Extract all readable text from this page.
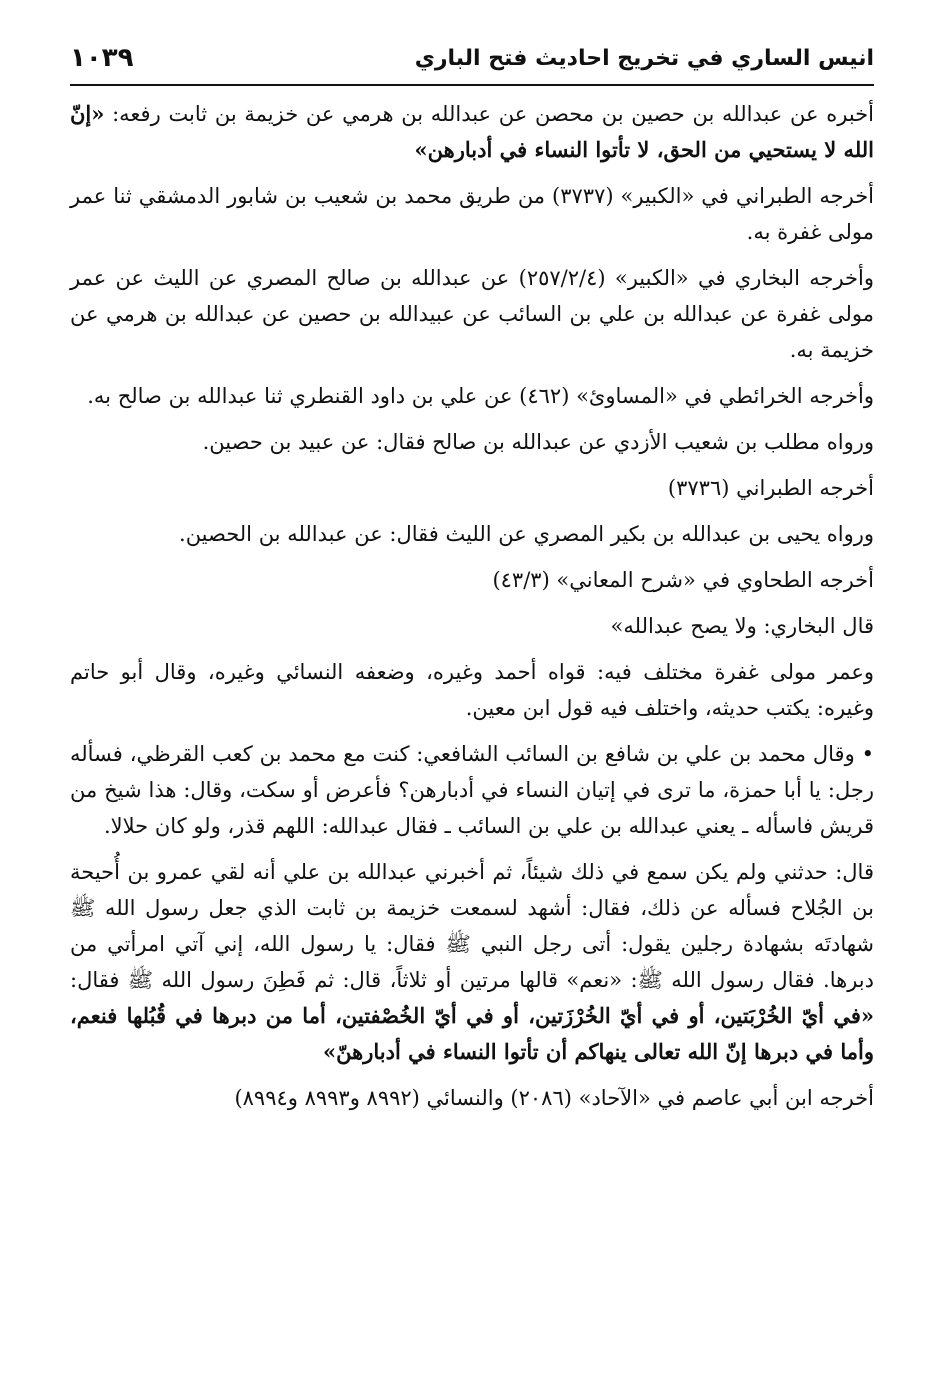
انيس الساري في تخريج احاديث فتح الباري
١٠٣٩

أخبره عن عبدالله بن حصين بن محصن عن عبدالله بن هرمي عن خزيمة بن ثابت رفعه: «إنّ الله لا يستحيي من الحق، لا تأتوا النساء في أدبارهن»

أخرجه الطبراني في «الكبير» (٣٧٣٧) من طريق محمد بن شعيب بن شابور الدمشقي ثنا عمر مولى غفرة به.

وأخرجه البخاري في «الكبير» (٢٥٧/٢/٤) عن عبدالله بن صالح المصري عن الليث عن عمر مولى غفرة عن عبدالله بن علي بن السائب عن عبيدالله بن حصين عن عبدالله بن هرمي عن خزيمة به.

وأخرجه الخرائطي في «المساوئ» (٤٦٢) عن علي بن داود القنطري ثنا عبدالله بن صالح به.

ورواه مطلب بن شعيب الأزدي عن عبدالله بن صالح فقال: عن عبيد بن حصين.

أخرجه الطبراني (٣٧٣٦)

ورواه يحيى بن عبدالله بن بكير المصري عن الليث فقال: عن عبدالله بن الحصين.

أخرجه الطحاوي في «شرح المعاني» (٤٣/٣)

قال البخاري: ولا يصح عبدالله»

وعمر مولى غفرة مختلف فيه: قواه أحمد وغيره، وضعفه النسائي وغيره، وقال أبو حاتم وغيره: يكتب حديثه، واختلف فيه قول ابن معين.

• وقال محمد بن علي بن شافع بن السائب الشافعي: كنت مع محمد بن كعب القرظي، فسأله رجل: يا أبا حمزة، ما ترى في إتيان النساء في أدبارهن؟ فأعرض أو سكت، وقال: هذا شيخ من قريش فاسأله ـ يعني عبدالله بن علي بن السائب ـ فقال عبدالله: اللهم قذر، ولو كان حلالا.

قال: حدثني ولم يكن سمع في ذلك شيئاً، ثم أخبرني عبدالله بن علي أنه لقي عمرو بن أُحيحة بن الجُلاح فسأله عن ذلك، فقال: أشهد لسمعت خزيمة بن ثابت الذي جعل رسول الله ﷺ شهادتَه بشهادة رجلين يقول: أتى رجل النبي ﷺ فقال: يا رسول الله، إني آتي امرأتي من دبرها. فقال رسول الله ﷺ: «نعم» قالها مرتين أو ثلاثاً، قال: ثم فَطِنَ رسول الله ﷺ فقال: «في أيّ الخُرْبَتين، أو في أيّ الخُرْزَتين، أو في أيّ الخُصْفتين، أما من دبرها في قُبُلها فنعم، وأما في دبرها إنّ الله تعالى ينهاكم أن تأتوا النساء في أدبارهنّ»

أخرجه ابن أبي عاصم في «الآحاد» (٢٠٨٦) والنسائي (٨٩٩٢ و٨٩٩٣ و٨٩٩٤)
